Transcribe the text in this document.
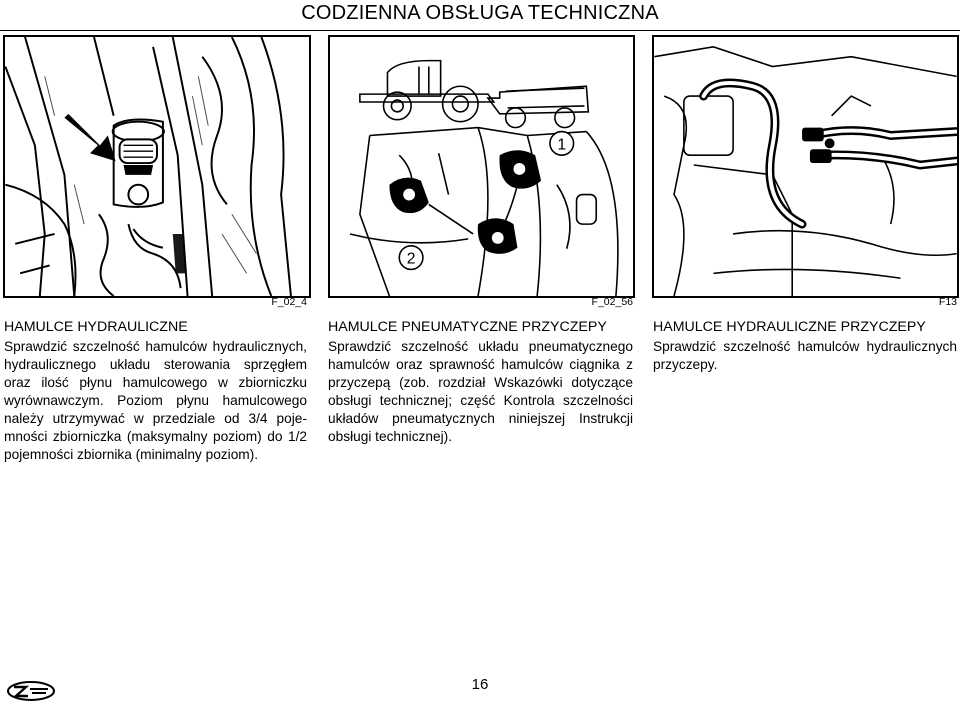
CODZIENNA OBSŁUGA TECHNICZNA
F_02_4
1
2
F_02_56	F13
HAMULCE HYDRAULICZNE

Sprawdzić szczelność hamulców hydraulicznych, hydraulicznego układu sterowania sprzęgłem oraz ilość płynu hamulcowego w zbiorniczku wyrównawczym. Poziom płynu hamulcowego należy utrzymywać w przedziale od 3/4 pojemności zbiorniczka (maksymalny poziom) do 1/2 pojemności zbiornika (minimalny poziom).

HAMULCE PNEUMATYCZNE PRZYCZEPY

Sprawdzić szczelność układu pneumatycznego hamulców oraz sprawność hamulców ciągnika z przyczepą (zob. rozdział Wskazówki dotyczące obsługi technicznej; część Kontrola szczelności układów pneumatycznych niniejszej Instrukcji obsługi technicznej).

HAMULCE HYDRAULICZNE PRZYCZEPY

Sprawdzić szczelność hamulców hydraulicznych przyczepy.

16
